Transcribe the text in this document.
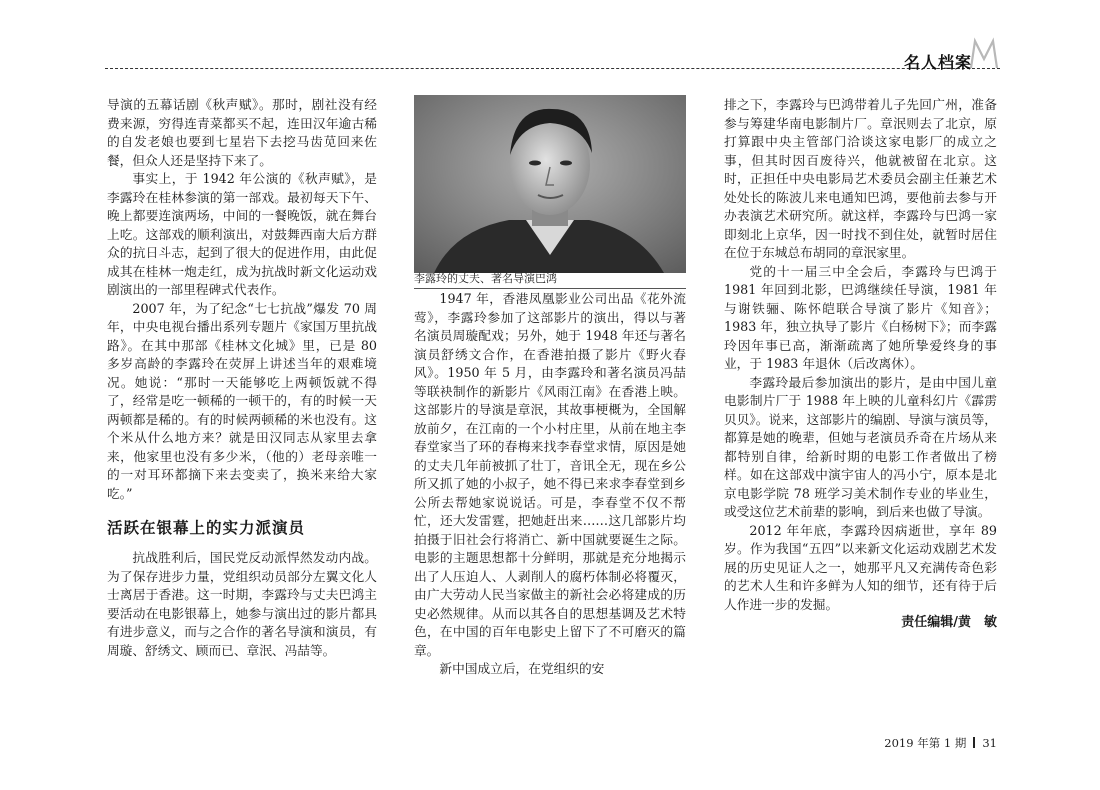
名人档案

导演的五幕话剧《秋声赋》。那时，剧社没有经费来源，穷得连青菜都买不起，连田汉年逾古稀的自发老娘也要到七星岩下去挖马齿苋回来佐餐，但众人还是坚持下来了。

事实上，于 1942 年公演的《秋声赋》，是李露玲在桂林参演的第一部戏。最初每天下午、晚上都要连演两场，中间的一餐晚饭，就在舞台上吃。这部戏的顺利演出，对鼓舞西南大后方群众的抗日斗志，起到了很大的促进作用，由此促成其在桂林一炮走红，成为抗战时新文化运动戏剧演出的一部里程碑式代表作。

2007 年，为了纪念“七七抗战”爆发 70 周年，中央电视台播出系列专题片《家国万里抗战路》。在其中那部《桂林文化城》里，已是 80 多岁高龄的李露玲在荧屏上讲述当年的艰难境况。她说：“那时一天能够吃上两顿饭就不得了，经常是吃一顿稀的一顿干的，有的时候一天两顿都是稀的。有的时候两顿稀的米也没有。这个米从什么地方来？就是田汉同志从家里去拿来，他家里也没有多少米，（他的）老母亲唯一的一对耳环都摘下来去变卖了，换米来给大家吃。”

活跃在银幕上的实力派演员

抗战胜利后，国民党反动派悍然发动内战。为了保存进步力量，党组织动员部分左翼文化人士离居于香港。这一时期，李露玲与丈夫巴鸿主要活动在电影银幕上，她参与演出过的影片都具有进步意义，而与之合作的著名导演和演员，有周璇、舒绣文、顾而已、章泯、冯喆等。

李露玲的丈夫、著名导演巴鸿

1947 年，香港凤凰影业公司出品《花外流莺》，李露玲参加了这部影片的演出，得以与著名演员周璇配戏；另外，她于 1948 年还与著名演员舒绣文合作，在香港拍摄了影片《野火春风》。1950 年 5 月，由李露玲和著名演员冯喆等联袂制作的新影片《风雨江南》在香港上映。这部影片的导演是章泯，其故事梗概为，全国解放前夕，在江南的一个小村庄里，从前在地主李春堂家当了环的春梅来找李春堂求情，原因是她的丈夫几年前被抓了壮丁，音讯全无，现在乡公所又抓了她的小叔子，她不得已来求李春堂到乡公所去帮她家说说话。可是，李春堂不仅不帮忙，还大发雷霆，把她赶出来……这几部影片均拍摄于旧社会行将消亡、新中国就要诞生之际。电影的主题思想都十分鲜明，那就是充分地揭示出了人压迫人、人剥削人的腐朽体制必将覆灭，由广大劳动人民当家做主的新社会必将建成的历史必然规律。从而以其各自的思想基调及艺术特色，在中国的百年电影史上留下了不可磨灭的篇章。

新中国成立后，在党组织的安

排之下，李露玲与巴鸿带着儿子先回广州，准备参与筹建华南电影制片厂。章泯则去了北京，原打算跟中央主管部门洽谈这家电影厂的成立之事，但其时因百废待兴，他就被留在北京。这时，正担任中央电影局艺术委员会副主任兼艺术处处长的陈波儿来电通知巴鸿，要他前去参与开办表演艺术研究所。就这样，李露玲与巴鸿一家即刻北上京华，因一时找不到住处，就暂时居住在位于东城总布胡同的章泯家里。

党的十一届三中全会后，李露玲与巴鸿于 1981 年回到北影，巴鸿继续任导演，1981 年与谢铁骊、陈怀皑联合导演了影片《知音》；1983 年，独立执导了影片《白杨树下》；而李露玲因年事已高，渐渐疏离了她所挚爱终身的事业，于 1983 年退休（后改离休）。

李露玲最后参加演出的影片，是由中国儿童电影制片厂于 1988 年上映的儿童科幻片《霹雳贝贝》。说来，这部影片的编剧、导演与演员等，都算是她的晚辈，但她与老演员乔奇在片场从来都特别自律，给新时期的电影工作者做出了榜样。如在这部戏中演宇宙人的冯小宁，原本是北京电影学院 78 班学习美术制作专业的毕业生，或受这位艺术前辈的影响，到后来也做了导演。

2012 年年底，李露玲因病逝世，享年 89 岁。作为我国“五四”以来新文化运动戏剧艺术发展的历史见证人之一，她那平凡又充满传奇色彩的艺术人生和许多鲜为人知的细节，还有待于后人作进一步的发掘。

责任编辑/黄　敏

2019 年第 1 期 31
